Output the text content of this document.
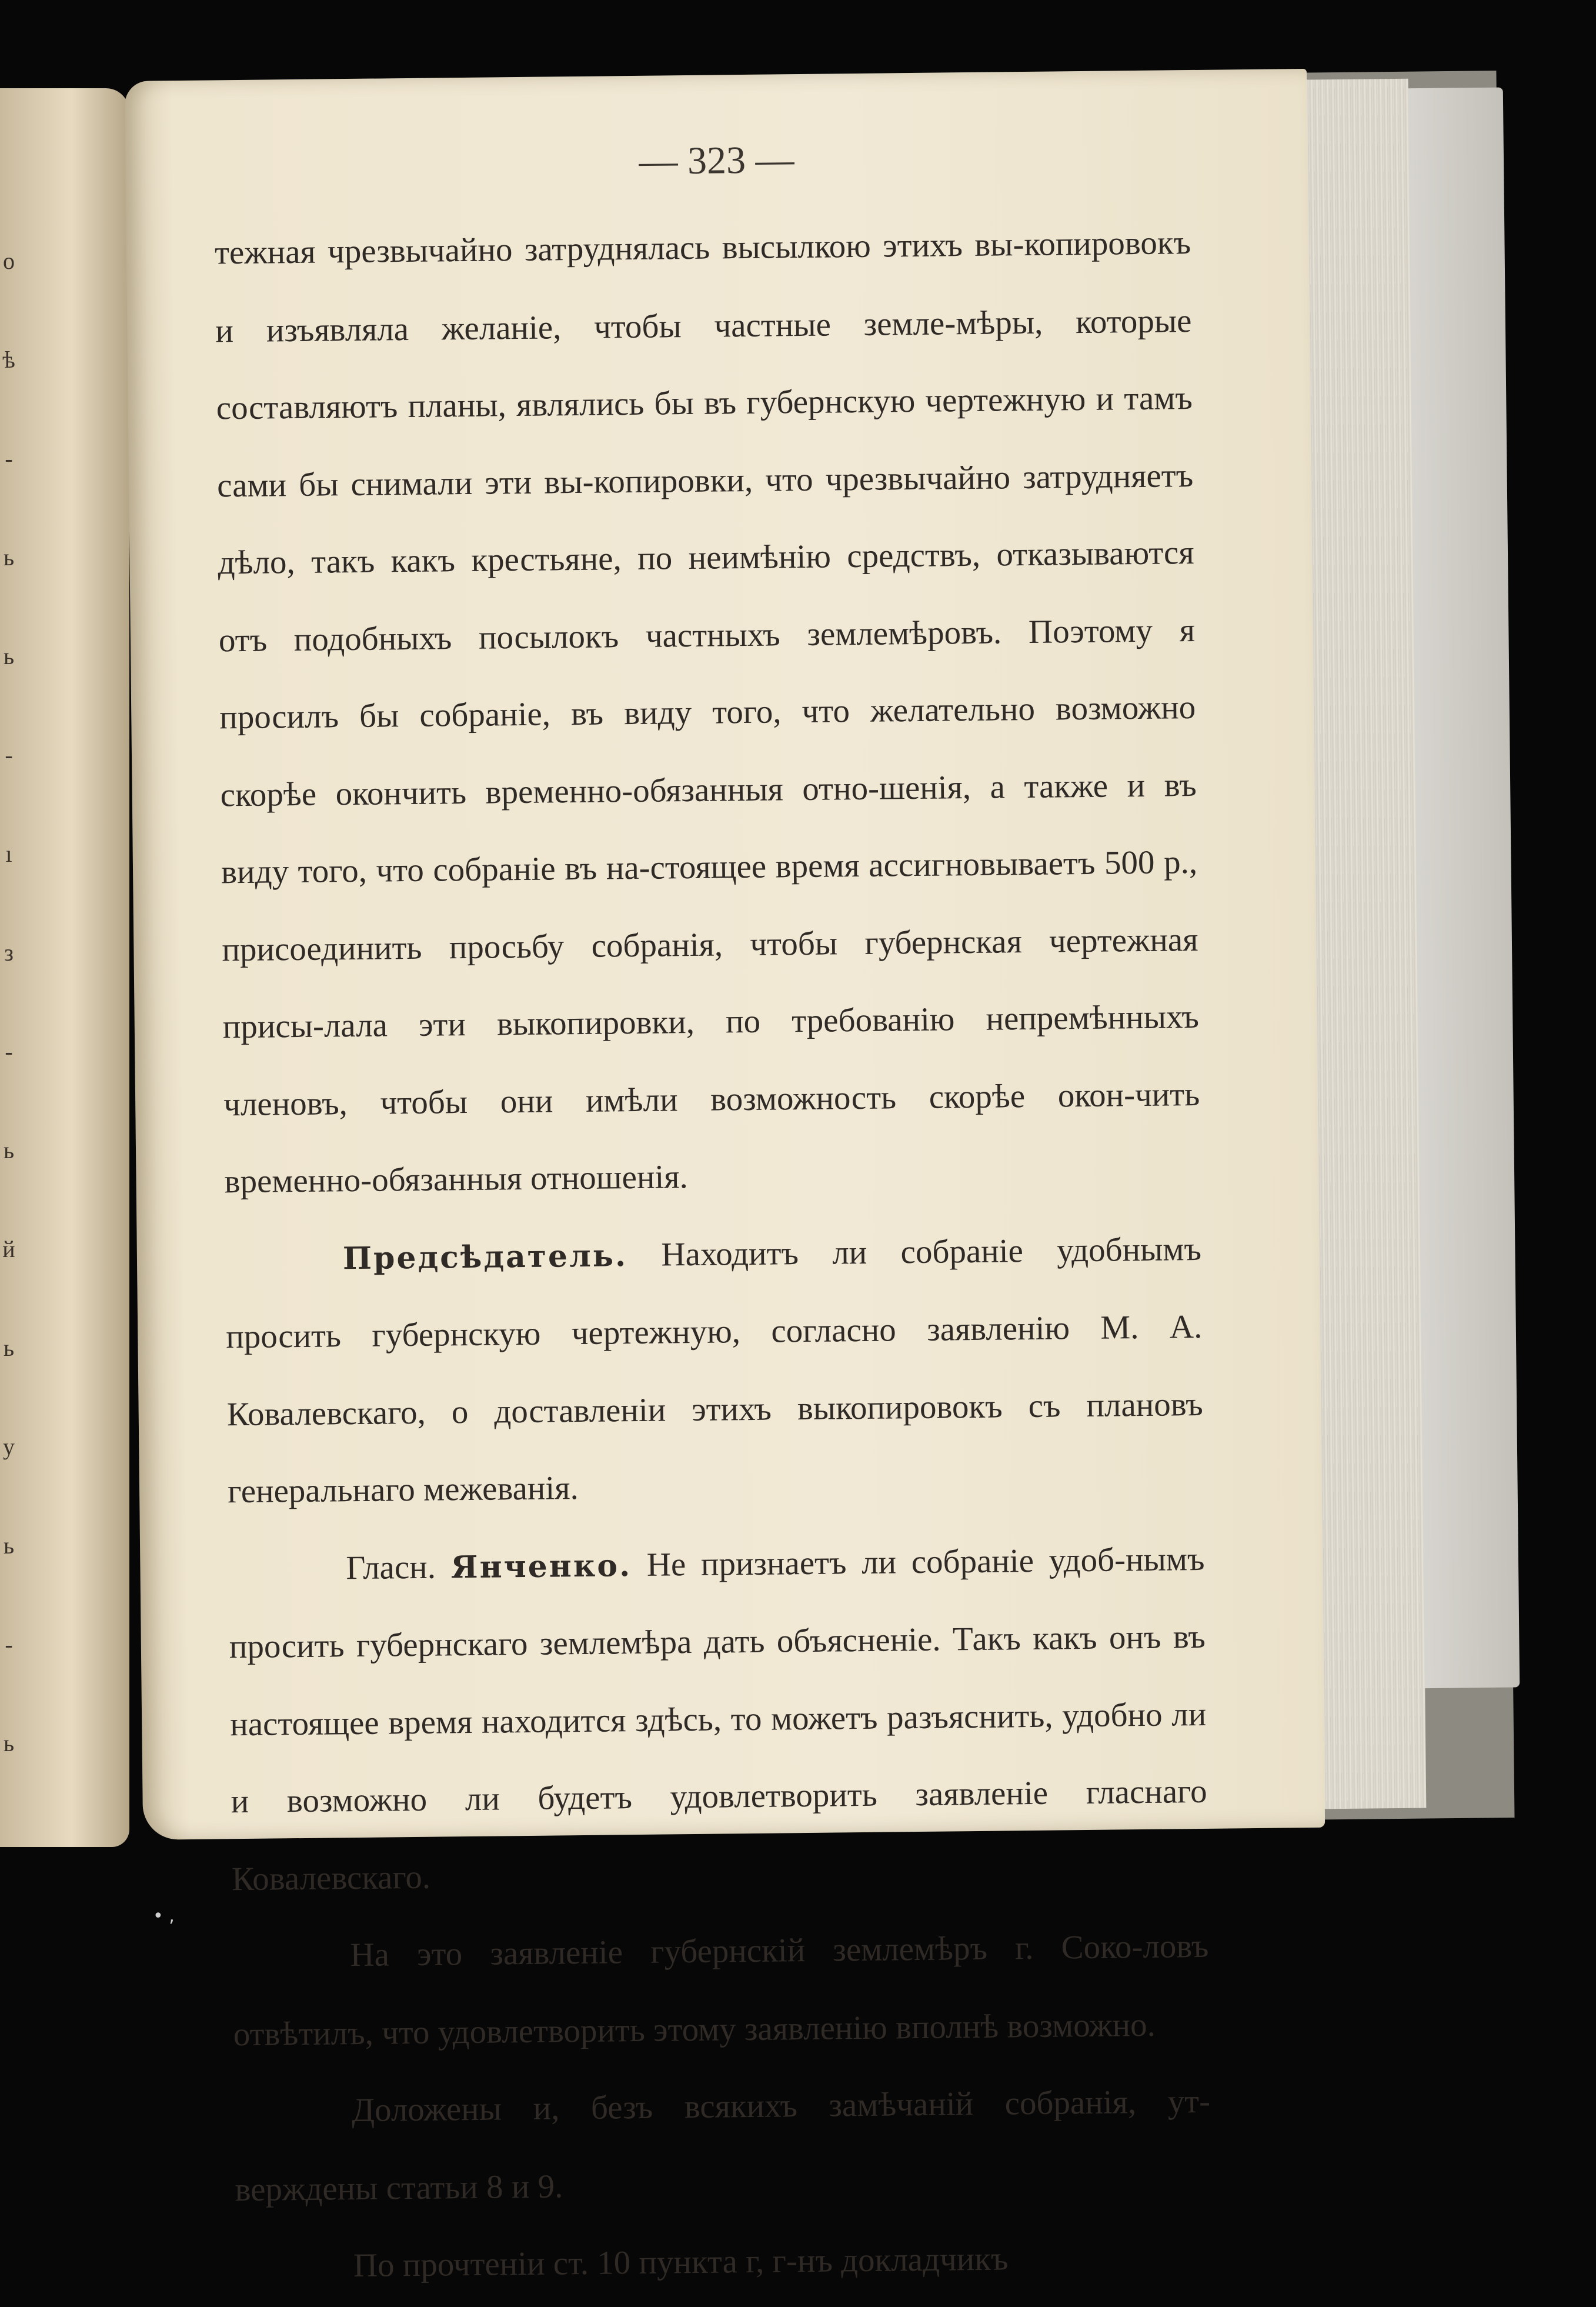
о
ѣ
-
ь
ь
-
ı
з
-
ь
й
ь
у
ь
-
ь
— 323 —

тежная чрезвычайно затруднялась высылкою этихъ вы-копировокъ и изъявляла желаніе, чтобы частные земле-мѣры, которые составляютъ планы, являлись бы въ губернскую чертежную и тамъ сами бы снимали эти вы-копировки, что чрезвычайно затрудняетъ дѣло, такъ какъ крестьяне, по неимѣнію средствъ, отказываются отъ подобныхъ посылокъ частныхъ землемѣровъ. Поэтому я просилъ бы собраніе, въ виду того, что желательно возможно скорѣе окончить временно-обязанныя отно-шенія, а также и въ виду того, что собраніе въ на-стоящее время ассигновываетъ 500 р., присоединить просьбу собранія, чтобы губернская чертежная присы-лала эти выкопировки, по требованію непремѣнныхъ членовъ, чтобы они имѣли возможность скорѣе окон-чить временно-обязанныя отношенія.

Предсѣдатель. Находитъ ли собраніе удобнымъ просить губернскую чертежную, согласно заявленію М. А. Ковалевскаго, о доставленіи этихъ выкопировокъ съ плановъ генеральнаго межеванія.

Гласн. Янченко. Не признаетъ ли собраніе удоб-нымъ просить губернскаго землемѣра дать объясненіе. Такъ какъ онъ въ настоящее время находится здѣсь, то можетъ разъяснить, удобно ли и возможно ли будетъ удовлетворить заявленіе гласнаго Ковалевскаго.

На это заявленіе губернскій землемѣръ г. Соко-ловъ отвѣтилъ, что удовлетворить этому заявленію вполнѣ возможно.

Доложены и, безъ всякихъ замѣчаній собранія, ут-верждены статьи 8 и 9.

По прочтеніи ст. 10 пункта г, г-нъ докладчикъ

• ,
